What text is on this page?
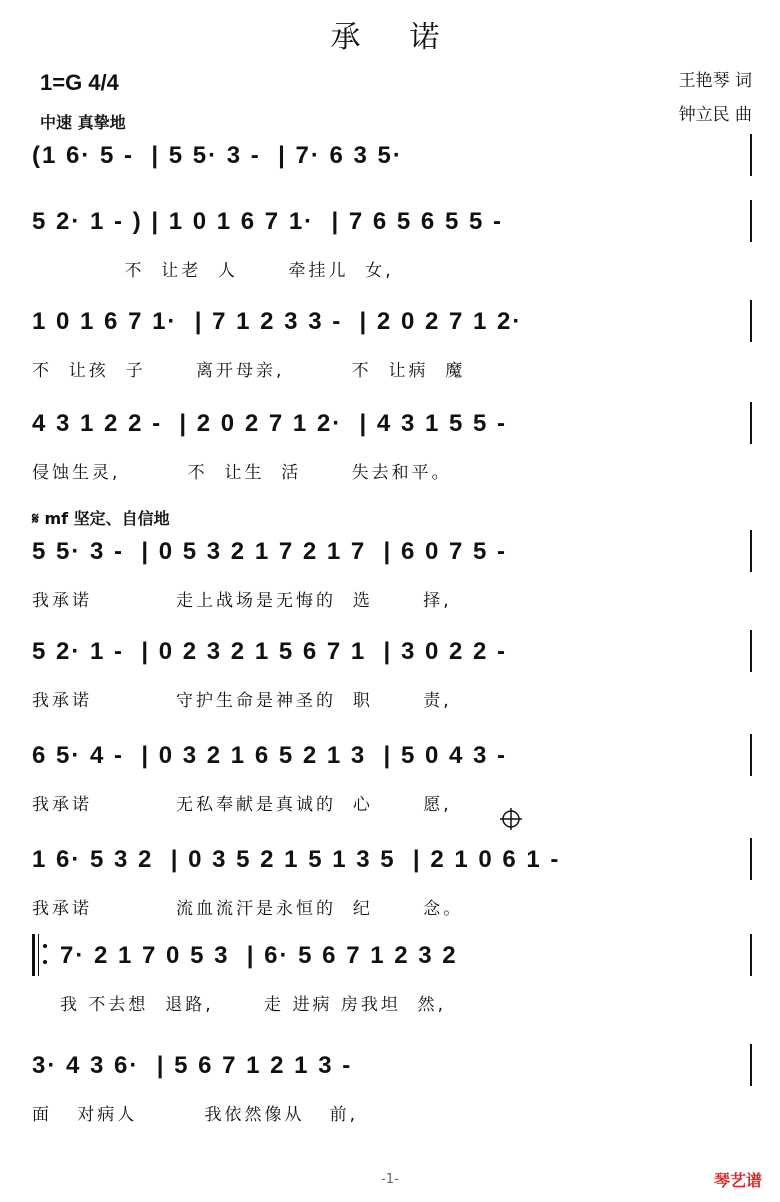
承  诺
王艳琴 词
钟立民 曲
1=G 4/4
中速 真挚地
(1 6· 5 -  | 5 5· 3 -  | 7· 6 3 5·
5 2· 1 - ) | 1 0 1 6 7 1·  | 7 6 5 6 5 5 -
不  让老  人      牵挂儿  女,
1 0 1 6 7 1·  | 7 1 2 3 3 -  | 2 0 2 7 1 2·
不  让孩  子      离开母亲,        不  让病  魔
4 3 1 2 2 -  | 2 0 2 7 1 2·  | 4 3 1 5 5 -
侵蚀生灵,        不  让生  活      失去和平。
𝄋 mf 坚定、自信地
5 5· 3 -  | 0 5 3 2 1 7 2 1 7  | 6 0 7 5 -
我承诺          走上战场是无悔的  选      择,
5 2· 1 -  | 0 2 3 2 1 5 6 7 1  | 3 0 2 2 -
我承诺          守护生命是神圣的  职      责,
6 5· 4 -  | 0 3 2 1 6 5 2 1 3  | 5 0 4 3 -
我承诺          无私奉献是真诚的  心      愿,
1 6· 5 3 2  | 0 3 5 2 1 5 1 3 5  | 2 1 0 6 1 -
我承诺          流血流汗是永恒的  纪      念。
7· 2 1 7 0 5 3  | 6· 5 6 7 1 2 3 2
我 不去想  退路,      走 进病 房我坦  然,
3· 4 3 6·  | 5 6 7 1 2 1 3 -
面   对病人        我依然像从   前,
-1-	琴艺谱
